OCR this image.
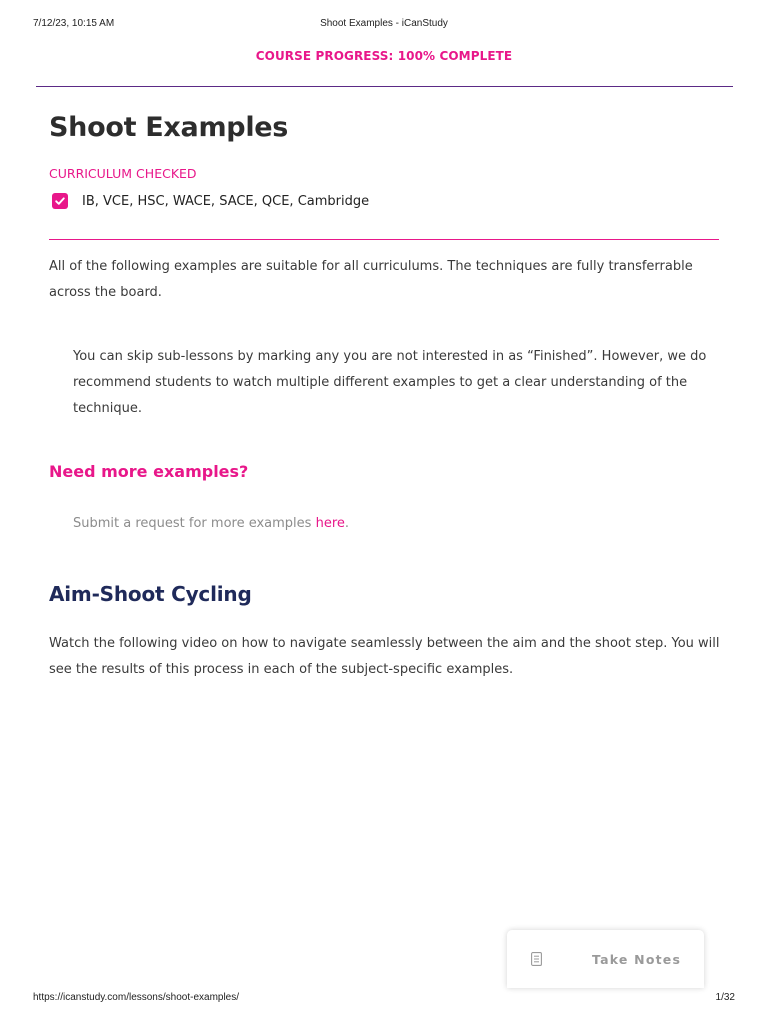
7/12/23, 10:15 AM	Shoot Examples - iCanStudy
COURSE PROGRESS: 100% COMPLETE
Shoot Examples
CURRICULUM CHECKED
IB, VCE, HSC, WACE, SACE, QCE, Cambridge

All of the following examples are suitable for all curriculums. The techniques are fully transferrable across the board.

You can skip sub-lessons by marking any you are not interested in as “Finished”. However, we do recommend students to watch multiple different examples to get a clear understanding of the technique.

Need more examples?

Submit a request for more examples here.

Aim-Shoot Cycling

Watch the following video on how to navigate seamlessly between the aim and the shoot step. You will see the results of this process in each of the subject-specific examples.

Take Notes
https://icanstudy.com/lessons/shoot-examples/	1/32
